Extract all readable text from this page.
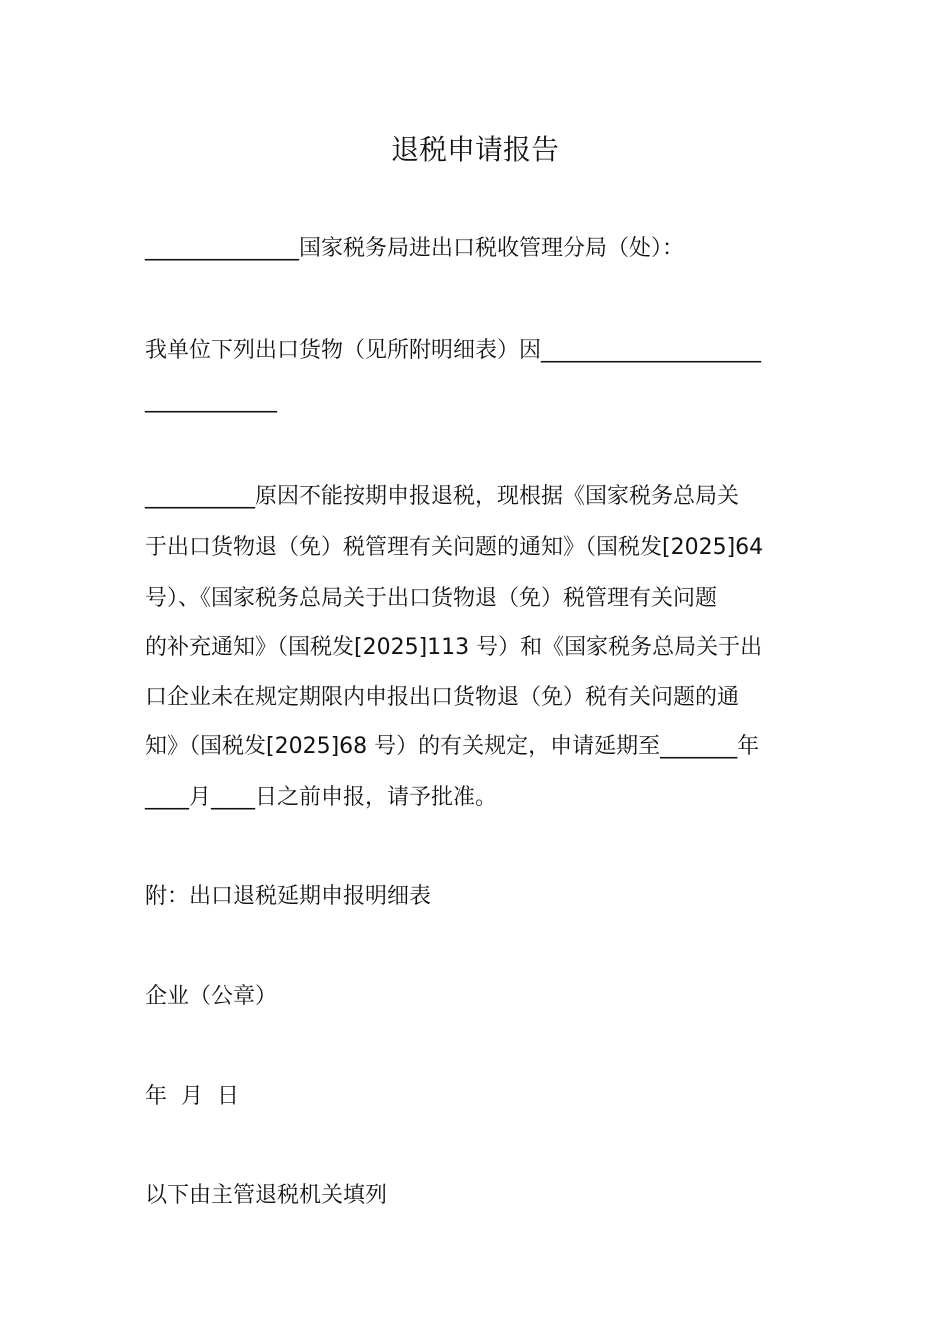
退税申请报告
______________国家税务局进出口税收管理分局（处）：
我单位下列出口货物（见所附明细表）因____________________
____________
__________原因不能按期申报退税，现根据《国家税务总局关
于出口货物退（免）税管理有关问题的通知》（国税发[2025]64
号）、《国家税务总局关于出口货物退（免）税管理有关问题
的补充通知》（国税发[2025]113 号）和《国家税务总局关于出
口企业未在规定期限内申报出口货物退（免）税有关问题的通
知》（国税发[2025]68 号）的有关规定，申请延期至_______年
____月____日之前申报，请予批准。
附：出口退税延期申报明细表
企业（公章）
年  月  日
以下由主管退税机关填列
